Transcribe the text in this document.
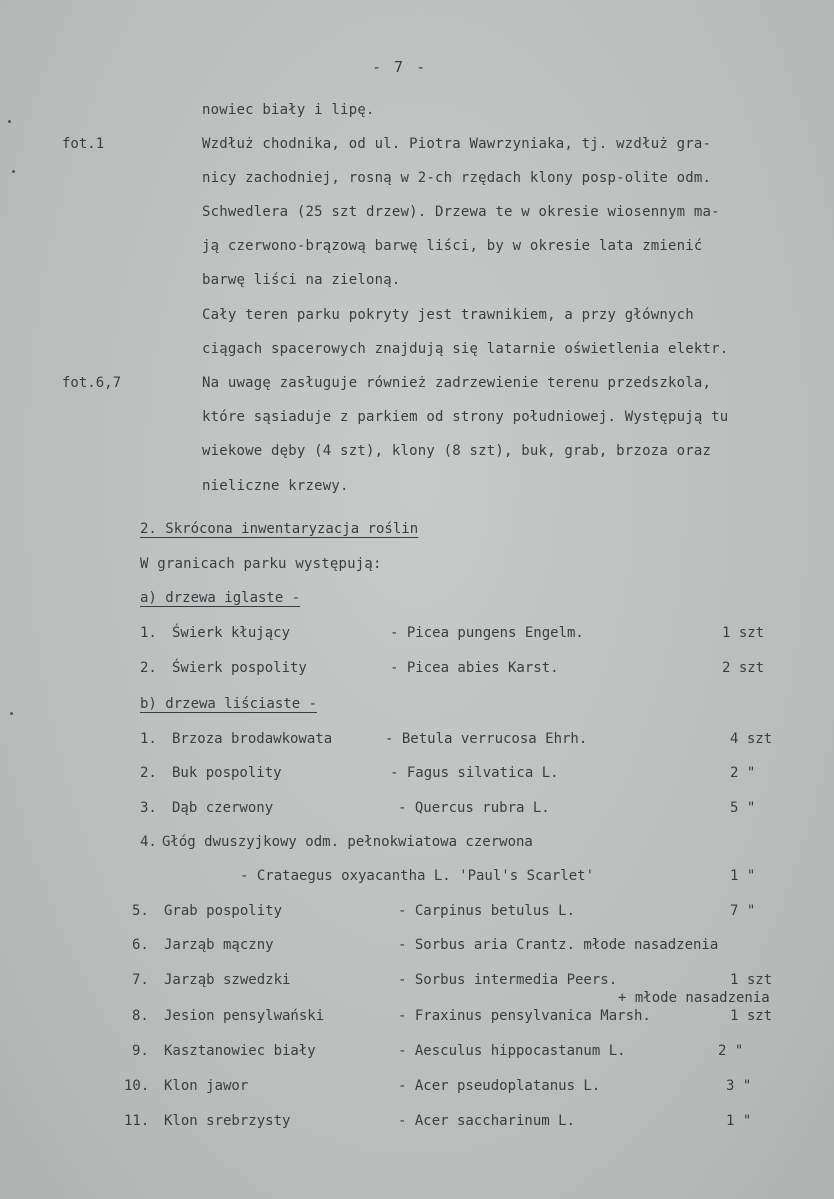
- 7 -
fot.1
fot.6,7
nowiec biały i lipę.
Wzdłuż chodnika, od ul. Piotra Wawrzyniaka, tj. wzdłuż gra-
nicy zachodniej, rosną w 2-ch rzędach klony posp-olite odm.
Schwedlera (25 szt drzew). Drzewa te w okresie wiosennym ma-
ją czerwono-brązową barwę liści, by w okresie lata zmienić
barwę liści na zieloną.
Cały teren parku pokryty jest trawnikiem, a przy głównych
ciągach spacerowych znajdują się latarnie oświetlenia elektr.
Na uwagę zasługuje również zadrzewienie terenu przedszkola,
które sąsiaduje z parkiem od strony południowej. Występują tu
wiekowe dęby (4 szt), klony (8 szt), buk, grab, brzoza oraz
nieliczne krzewy.
2. Skrócona inwentaryzacja roślin
W granicach parku występują:
a) drzewa iglaste -
1. Świerk kłujący	- Picea pungens Engelm.	1 szt
2. Świerk pospolity	- Picea abies Karst.	2 szt
b) drzewa liściaste -
1. Brzoza brodawkowata	- Betula verrucosa Ehrh.	4 szt
2. Buk pospolity	- Fagus silvatica L.	2 "
3. Dąb czerwony	- Quercus rubra L.	5 "
4. Głóg dwuszyjkowy odm. pełnokwiatowa czerwona
- Crataegus oxyacantha L. 'Paul's Scarlet'	1 "
5. Grab pospolity	- Carpinus betulus L.	7 "
6. Jarząb mączny	- Sorbus aria Crantz. młode nasadzenia
7. Jarząb szwedzki	- Sorbus intermedia Peers.	1 szt
+ młode nasadzenia
8. Jesion pensylwański	- Fraxinus pensylvanica Marsh.	1 szt
9. Kasztanowiec biały	- Aesculus hippocastanum L.	2 "
10. Klon jawor	- Acer pseudoplatanus L.	3 "
11. Klon srebrzysty	- Acer saccharinum L.	1 "
